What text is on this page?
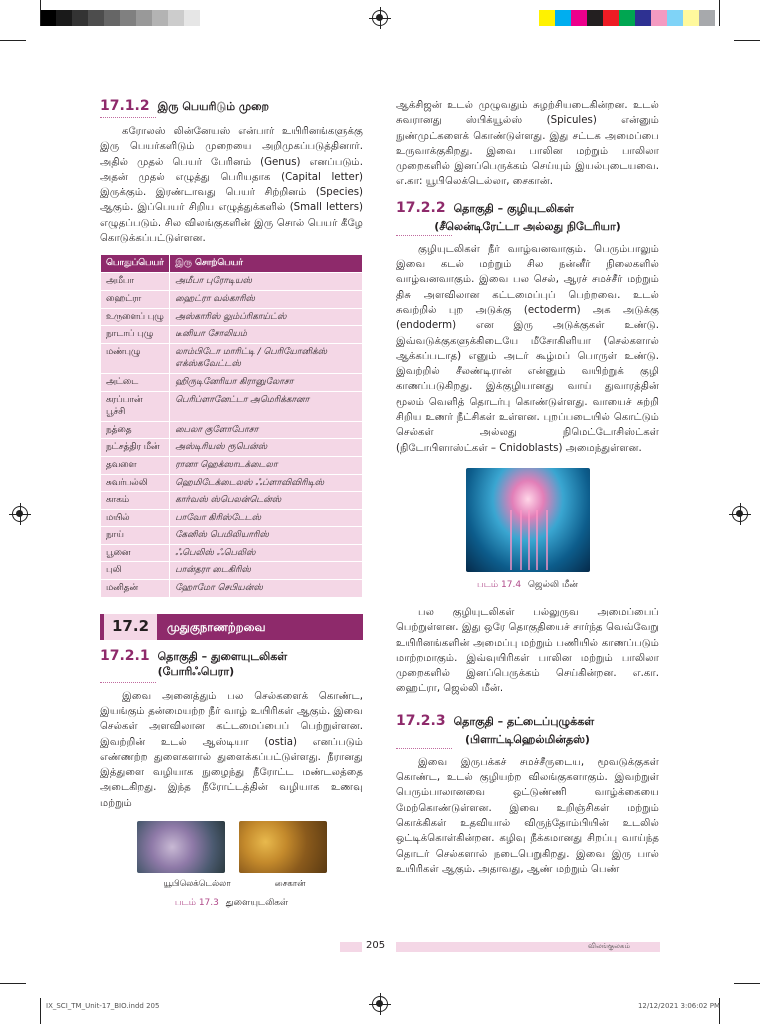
17.1.2 இரு பெயரிடும் முறை

கரோலஸ் லின்னேயஸ் என்பார் உயிரினங்களுக்கு இரு பெயர்களிடும் முறையை அறிமுகப்படுத்தினார். அதில் முதல் பெயர் பேரினம் (Genus) எனப்படும். அதன் முதல் எழுத்து பெரியதாக (Capital letter) இருக்கும். இரண்டாவது பெயர் சிற்றினம் (Species) ஆகும். இப்பெயர் சிறிய எழுத்துக்களில் (Small letters) எழுதப்படும். சில விலங்குகளின் இரு சொல் பெயர் கீழே கொடுக்கப்பட்டுள்ளன.

பொதுப்பெயர்	இரு சொற்பெயர்
அமீபா	அமீபா புரோடியஸ்
ஹைட்ரா	ஹைட்ரா வல்காரிஸ்
உருளைப் புழு	அஸ்காரிஸ் லும்ப்ரிகாய்ட்ஸ்
நாடாப் புழு	டீனியா சோலியம்
மண்புழு	லாம்பிடோ மாரிட்டி / பெரியோனிக்ஸ் எக்ஸ்கவேட்டஸ்
அட்டை	ஹிருடினேரியா கிரானுலோசா
கரப்பான் பூச்சி	பெரிப்ளானேட்டா அமெரிக்கானா
நத்தை	பைலா குளோபோசா
நட்சத்திர மீன்	அஸ்டிரியஸ் ரூபென்ஸ்
தவளை	ரானா ஹெக்ஸாடக்டைலா
சுவர்பல்லி	ஹெமிடேக்டைலஸ் ஃப்ளாவிவிரிடிஸ்
காகம்	கார்வஸ் ஸ்பெலன்டென்ஸ்
மயில்	பாவோ கிரிஸ்டேடஸ்
நாய்	கேனிஸ் பெமிலியாரிஸ்
பூனை	ஃபெலிஸ் ஃபெலிஸ்
புலி	பான்தரா டைகிரிஸ்
மனிதன்	ஹோமோ செபியன்ஸ்
17.2	முதுகுநாணற்றவை
17.2.1 தொகுதி – துளையுடலிகள் (போரிஃபெரா)

இவை அனைத்தும் பல செல்களைக் கொண்ட, இயங்கும் தன்மையற்ற நீர் வாழ் உயிரிகள் ஆகும். இவை செல்கள் அளவிலான கட்டமைப்பைப் பெற்றுள்ளன. இவற்றின் உடல் ஆஸ்டியா (ostia) எனப்படும் எண்ணற்ற துளைகளால் துளைக்கப்பட்டுள்ளது. நீரானது இத்துளை வழியாக நுழைந்து நீரோட்ட மண்டலத்தை அடைகிறது. இந்த நீரோட்டத்தின் வழியாக உணவு மற்றும்

யூபிலெக்டெல்லா	சைகான்
படம் 17.3 துளையுடலிகள்

ஆக்சிஜன் உடல் முழுவதும் சுழற்சியடைகின்றன. உடல் சுவரானது ஸ்பிக்யூல்ஸ் (Spicules) என்னும் நுண்முட்களைக் கொண்டுள்ளது. இது சட்டக அமைப்பை உருவாக்குகிறது. இவை பாலின மற்றும் பாலிலா முறைகளில் இனப்பெருக்கம் செய்யும் இயல்புடையவை. எ.கா: யூபிலெக்டெல்லா, சைகான்.

17.2.2 தொகுதி – குழியுடலிகள்
(சீலென்டிரேட்டா அல்லது நிடேரியா)

குழியுடலிகள் நீர் வாழ்வனவாகும். பெரும்பாலும் இவை கடல் மற்றும் சில நன்னீர் நிலைகளில் வாழ்வனவாகும். இவை பல செல், ஆரச் சமச்சீர் மற்றும் திசு அளவிலான கட்டமைப்புப் பெற்றவை. உடல் சுவற்றில் புற அடுக்கு (ectoderm) அக அடுக்கு (endoderm) என இரு அடுக்குகள் உண்டு. இவ்வடுக்குகளுக்கிடையே மீசோகிளியா (செல்களால் ஆக்கப்படாத) எனும் அடர் கூழ்மப் பொருள் உண்டு. இவற்றில் சீலண்டிரான் என்னும் வயிற்றுக் குழி காணப்படுகிறது. இக்குழியானது வாய் துவாரத்தின் மூலம் வெளித் தொடர்பு கொண்டுள்ளது. வாயைச் சுற்றி சிறிய உணர் நீட்சிகள் உள்ளன. புறப்படையில் கொட்டும் செல்கள் அல்லது நிமெட்டோசிஸ்ட்கள் (நிடோபிளாஸ்ட்கள் – Cnidoblasts) அமைந்துள்ளன.

படம் 17.4 ஜெல்லி மீன்

பல குழியுடலிகள் பல்லுருவ அமைப்பைப் பெற்றுள்ளன. இது ஒரே தொகுதியைச் சார்ந்த வெவ்வேறு உயிரினங்களின் அமைப்பு மற்றும் பணியில் காணப்படும் மாற்றமாகும். இவ்வுயிரிகள் பாலின மற்றும் பாலிலா முறைகளில் இனப்பெருக்கம் செய்கின்றன. எ.கா. ஹைட்ரா, ஜெல்லி மீன்.

17.2.3 தொகுதி – தட்டைப்புழுக்கள்
(பிளாட்டிஹெல்மின்தஸ்)

இவை இருபக்கச் சமச்சீருடைய, மூவடுக்குகள் கொண்ட, உடல் குழியற்ற விலங்குகளாகும். இவற்றுள் பெரும்பாலானவை ஒட்டுண்ணி வாழ்க்கையை மேற்கொண்டுள்ளன. இவை உறிஞ்சிகள் மற்றும் கொக்கிகள் உதவியால் விருந்தோம்பியின் உடலில் ஒட்டிக்கொள்கின்றன. கழிவு நீக்கமானது சிறப்பு வாய்ந்த தொடர் செல்களால் நடைபெறுகிறது. இவை இரு பால் உயிரிகள் ஆகும். அதாவது, ஆண் மற்றும் பெண்

205	விலங்குலகம்
IX_SCI_TM_Unit-17_BIO.indd 205	12/12/2021 3:06:02 PM
